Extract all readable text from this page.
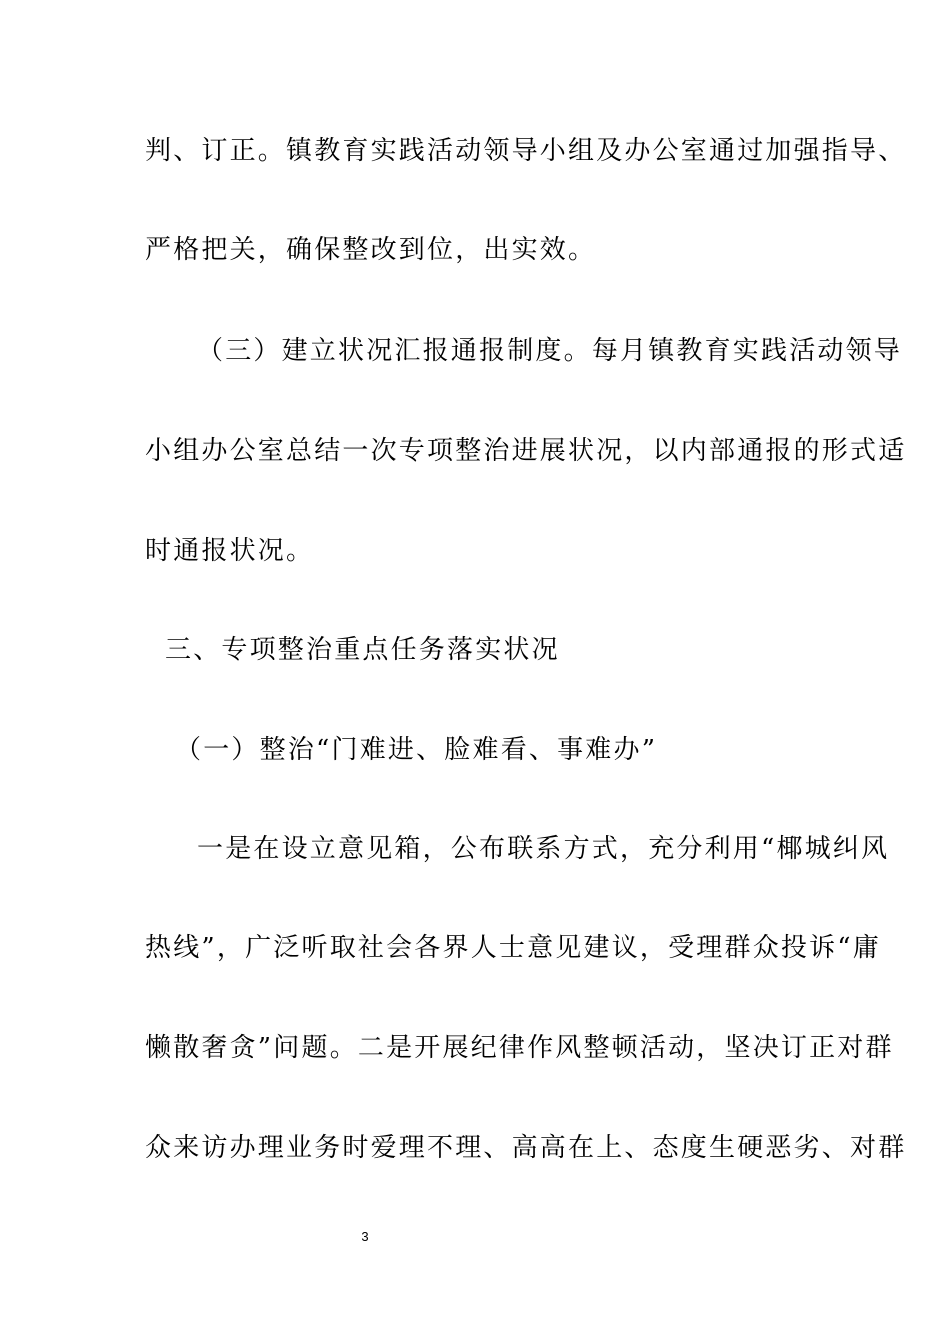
判、订正。镇教育实践活动领导小组及办公室通过加强指导、
严格把关，确保整改到位，出实效。
（三）建立状况汇报通报制度。每月镇教育实践活动领导
小组办公室总结一次专项整治进展状况，以内部通报的形式适
时通报状况。
三、专项整治重点任务落实状况
（一）整治“门难进、脸难看、事难办”
一是在设立意见箱，公布联系方式，充分利用“椰城纠风
热线”，广泛听取社会各界人士意见建议，受理群众投诉“庸
懒散奢贪”问题。二是开展纪律作风整顿活动，坚决订正对群
众来访办理业务时爱理不理、高高在上、态度生硬恶劣、对群
3
